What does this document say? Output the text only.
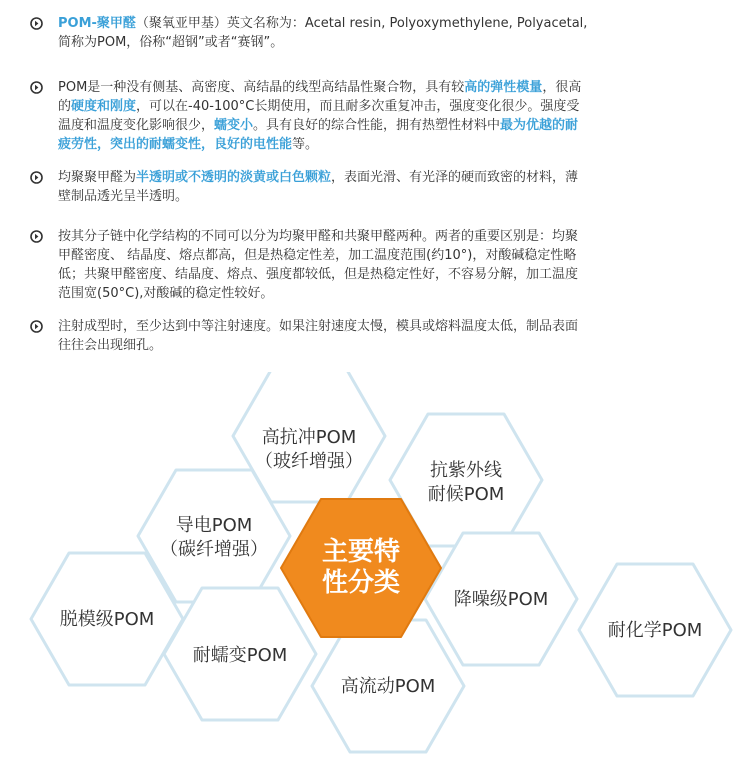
POM-聚甲醛（聚氧亚甲基）英文名称为：Acetal resin, Polyoxymethylene, Polyacetal,
简称为POM，俗称“超钢”或者“赛钢”。
POM是一种没有侧基、高密度、高结晶的线型高结晶性聚合物，具有较高的弹性模量，很高
的硬度和刚度，可以在-40-100°C长期使用，而且耐多次重复冲击，强度变化很少。强度受
温度和温度变化影响很少，蠕变小。具有良好的综合性能，拥有热塑性材料中最为优越的耐
疲劳性，突出的耐蠕变性，良好的电性能等。
均聚聚甲醛为半透明或不透明的淡黄或白色颗粒，表面光滑、有光泽的硬而致密的材料，薄
壁制品透光呈半透明。
按其分子链中化学结构的不同可以分为均聚甲醛和共聚甲醛两种。两者的重要区别是：均聚
甲醛密度、 结晶度、熔点都高，但是热稳定性差，加工温度范围(约10°)，对酸碱稳定性略
低；共聚甲醛密度、结晶度、熔点、强度都较低，但是热稳定性好，不容易分解，加工温度
范围宽(50°C),对酸碱的稳定性较好。
注射成型时，至少达到中等注射速度。如果注射速度太慢，模具或熔料温度太低，制品表面
往往会出现细孔。
主要特
性分类
高抗冲POM
（玻纤增强）	抗紫外线
耐候POM
导电POM
（碳纤增强）
脱模级POM
耐蠕变POM
降噪级POM
高流动POM
耐化学POM
